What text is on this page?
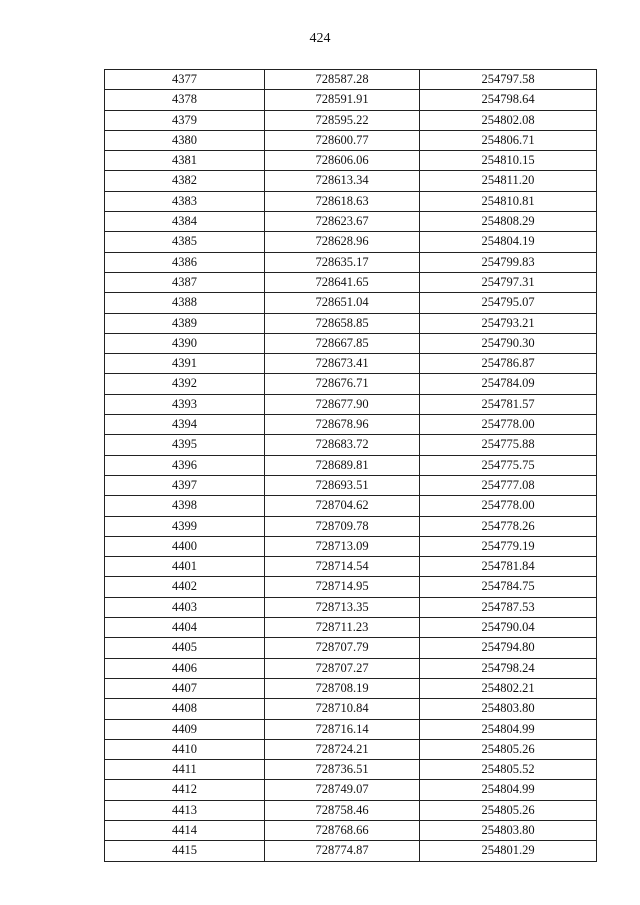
424
4377	728587.28	254797.58
4378	728591.91	254798.64
4379	728595.22	254802.08
4380	728600.77	254806.71
4381	728606.06	254810.15
4382	728613.34	254811.20
4383	728618.63	254810.81
4384	728623.67	254808.29
4385	728628.96	254804.19
4386	728635.17	254799.83
4387	728641.65	254797.31
4388	728651.04	254795.07
4389	728658.85	254793.21
4390	728667.85	254790.30
4391	728673.41	254786.87
4392	728676.71	254784.09
4393	728677.90	254781.57
4394	728678.96	254778.00
4395	728683.72	254775.88
4396	728689.81	254775.75
4397	728693.51	254777.08
4398	728704.62	254778.00
4399	728709.78	254778.26
4400	728713.09	254779.19
4401	728714.54	254781.84
4402	728714.95	254784.75
4403	728713.35	254787.53
4404	728711.23	254790.04
4405	728707.79	254794.80
4406	728707.27	254798.24
4407	728708.19	254802.21
4408	728710.84	254803.80
4409	728716.14	254804.99
4410	728724.21	254805.26
4411	728736.51	254805.52
4412	728749.07	254804.99
4413	728758.46	254805.26
4414	728768.66	254803.80
4415	728774.87	254801.29
